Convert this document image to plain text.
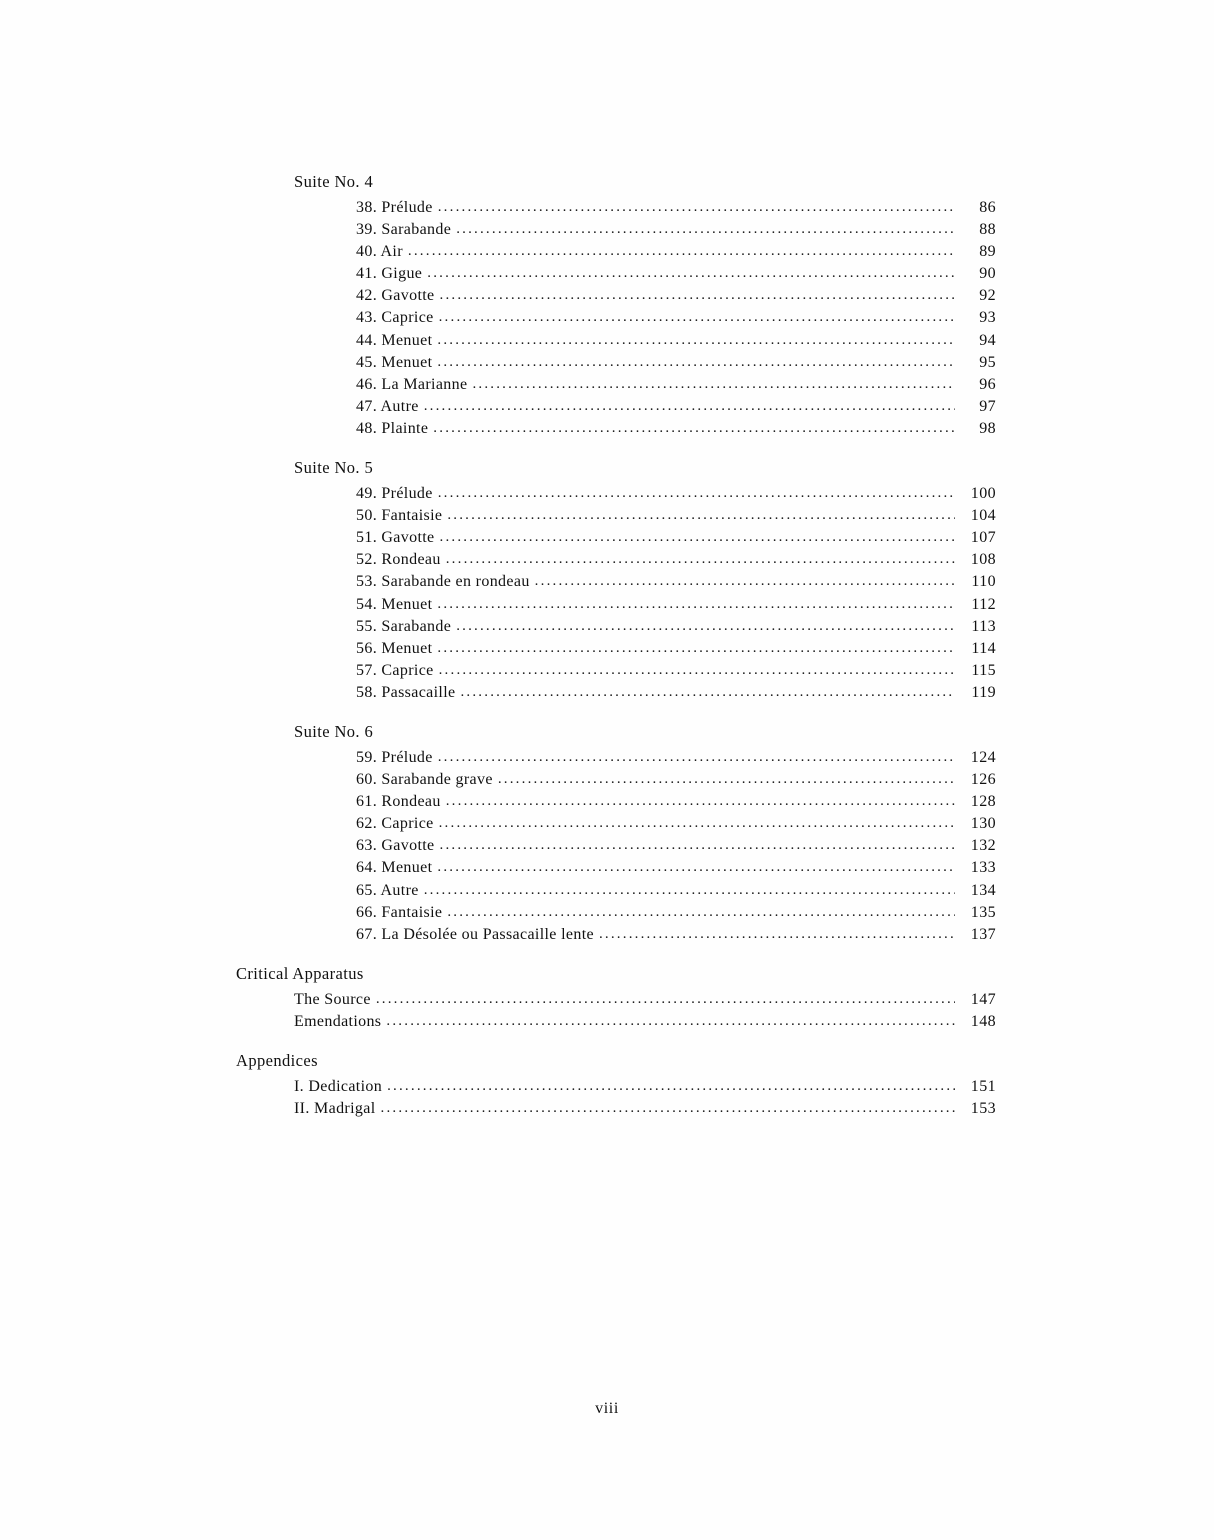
Suite No. 4
38. Prélude .....	86
39. Sarabande .....	88
40. Air .....	89
41. Gigue .....	90
42. Gavotte .....	92
43. Caprice .....	93
44. Menuet .....	94
45. Menuet .....	95
46. La Marianne .....	96
47. Autre .....	97
48. Plainte .....	98
Suite No. 5
49. Prélude .....	100
50. Fantaisie .....	104
51. Gavotte .....	107
52. Rondeau .....	108
53. Sarabande en rondeau .....	110
54. Menuet .....	112
55. Sarabande .....	113
56. Menuet .....	114
57. Caprice .....	115
58. Passacaille .....	119
Suite No. 6
59. Prélude .....	124
60. Sarabande grave .....	126
61. Rondeau .....	128
62. Caprice .....	130
63. Gavotte .....	132
64. Menuet .....	133
65. Autre .....	134
66. Fantaisie .....	135
67. La Désolée ou Passacaille lente .....	137
Critical Apparatus
The Source .....	147
Emendations .....	148
Appendices
I. Dedication .....	151
II. Madrigal .....	153
viii
